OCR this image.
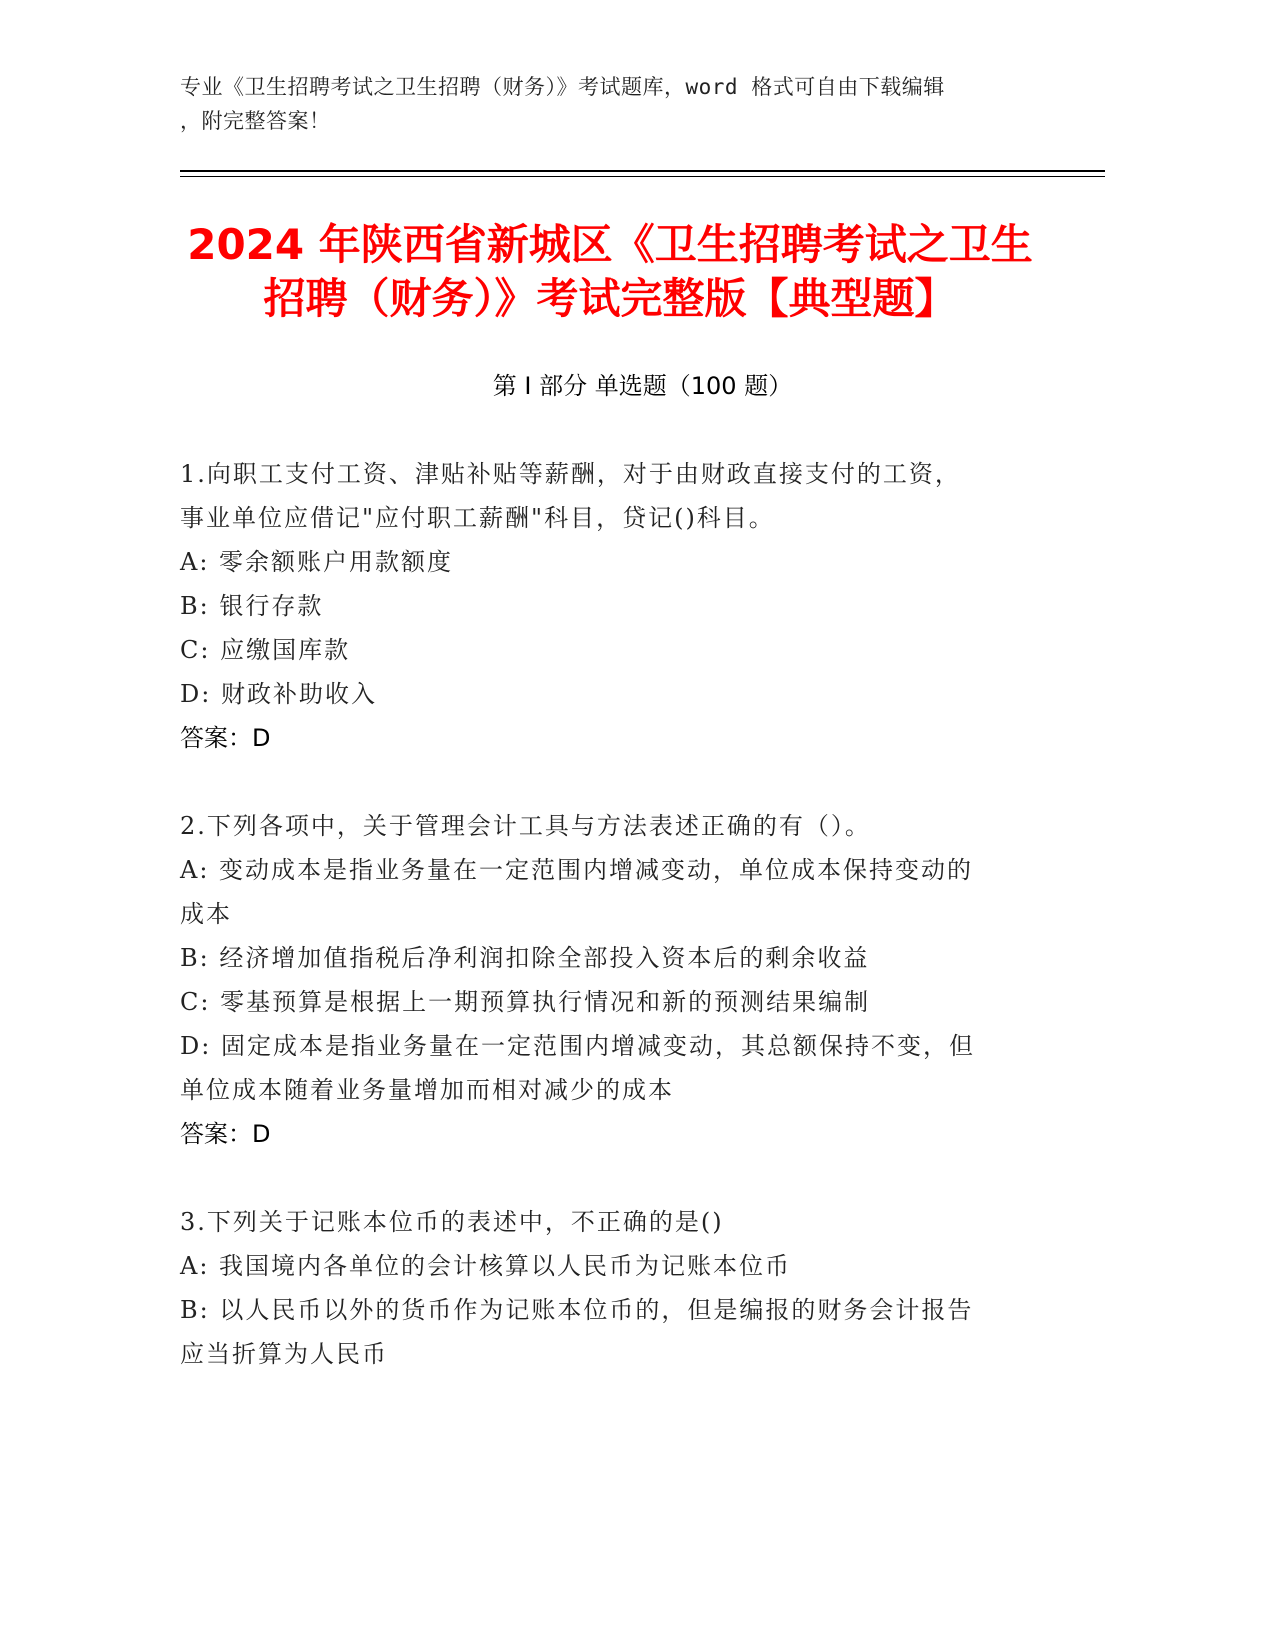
专业《卫生招聘考试之卫生招聘（财务）》考试题库，word 格式可自由下载编辑
，附完整答案！
2024 年陕西省新城区《卫生招聘考试之卫生
招聘（财务）》考试完整版【典型题】
第 I 部分 单选题（100 题）
1.向职工支付工资、津贴补贴等薪酬，对于由财政直接支付的工资，
事业单位应借记"应付职工薪酬"科目，贷记()科目。
A: 零余额账户用款额度
B: 银行存款
C: 应缴国库款
D: 财政补助收入
答案：D
2.下列各项中，关于管理会计工具与方法表述正确的有（）。
A: 变动成本是指业务量在一定范围内增减变动，单位成本保持变动的
成本
B: 经济增加值指税后净利润扣除全部投入资本后的剩余收益
C: 零基预算是根据上一期预算执行情况和新的预测结果编制
D: 固定成本是指业务量在一定范围内增减变动，其总额保持不变，但
单位成本随着业务量增加而相对减少的成本
答案：D
3.下列关于记账本位币的表述中，不正确的是()
A: 我国境内各单位的会计核算以人民币为记账本位币
B: 以人民币以外的货币作为记账本位币的，但是编报的财务会计报告
应当折算为人民币
